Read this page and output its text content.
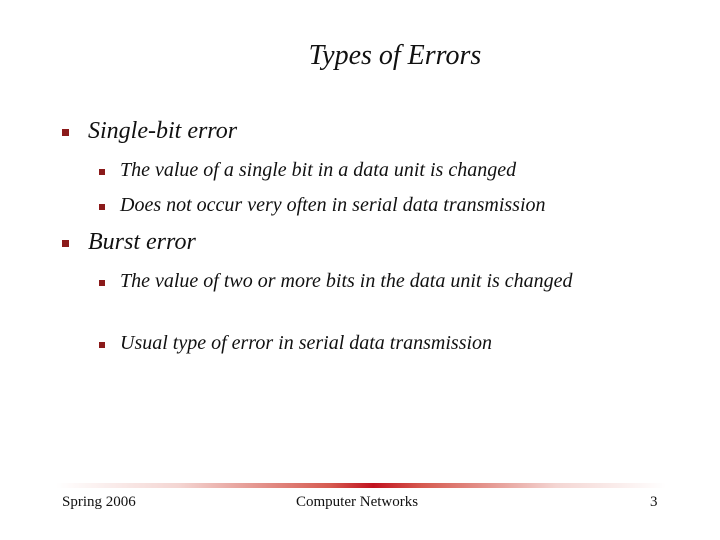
Types of Errors
Single-bit error
The value of a single bit in a data unit is changed
Does not occur very often in serial data transmission
Burst error
The value of two or more bits in the data unit is changed
Usual type of error in serial data transmission
Spring 2006	Computer Networks	3
